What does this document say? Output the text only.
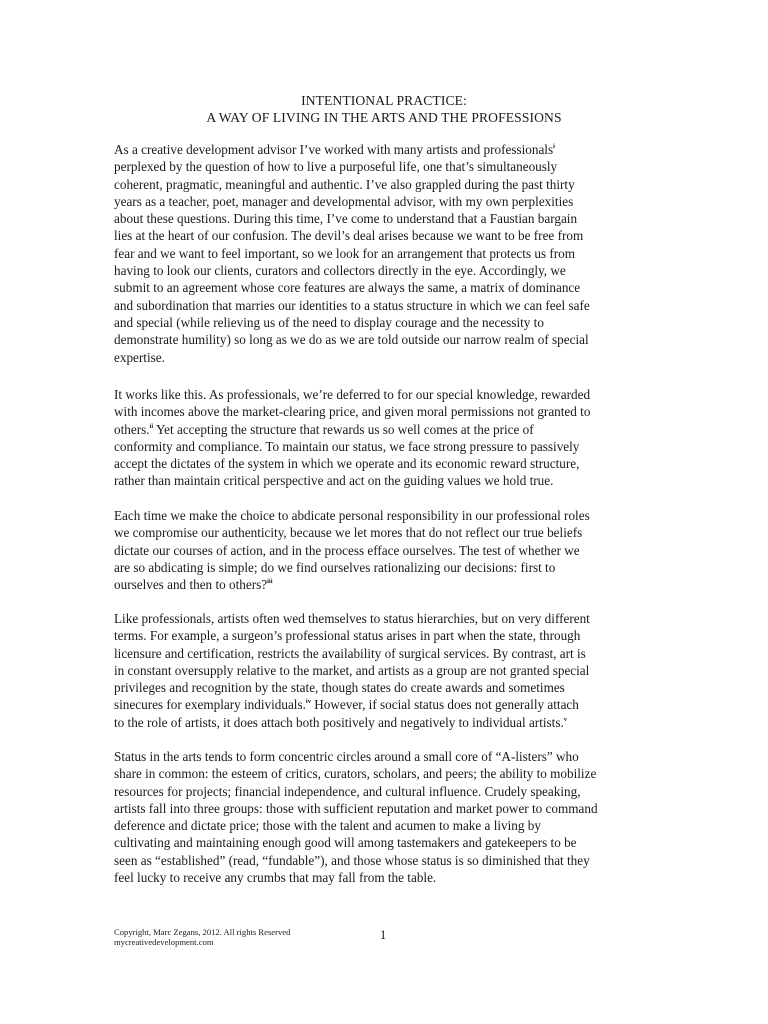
INTENTIONAL PRACTICE:
A WAY OF LIVING IN THE ARTS AND THE PROFESSIONS

As a creative development advisor I’ve worked with many artists and professionals$^i$
perplexed by the question of how to live a purposeful life, one that’s simultaneously
coherent, pragmatic, meaningful and authentic. I’ve also grappled during the past thirty
years as a teacher, poet, manager and developmental advisor, with my own perplexities
about these questions. During this time, I’ve come to understand that a Faustian bargain
lies at the heart of our confusion. The devil’s deal arises because we want to be free from
fear and we want to feel important, so we look for an arrangement that protects us from
having to look our clients, curators and collectors directly in the eye. Accordingly, we
submit to an agreement whose core features are always the same, a matrix of dominance
and subordination that marries our identities to a status structure in which we can feel safe
and special (while relieving us of the need to display courage and the necessity to
demonstrate humility) so long as we do as we are told outside our narrow realm of special
expertise.

It works like this. As professionals, we’re deferred to for our special knowledge, rewarded
with incomes above the market-clearing price, and given moral permissions not granted to
others.$^{ii}$ Yet accepting the structure that rewards us so well comes at the price of
conformity and compliance. To maintain our status, we face strong pressure to passively
accept the dictates of the system in which we operate and its economic reward structure,
rather than maintain critical perspective and act on the guiding values we hold true.

Each time we make the choice to abdicate personal responsibility in our professional roles
we compromise our authenticity, because we let mores that do not reflect our true beliefs
dictate our courses of action, and in the process efface ourselves. The test of whether we
are so abdicating is simple; do we find ourselves rationalizing our decisions: first to
ourselves and then to others?$^{iii}$

Like professionals, artists often wed themselves to status hierarchies, but on very different
terms. For example, a surgeon’s professional status arises in part when the state, through
licensure and certification, restricts the availability of surgical services. By contrast, art is
in constant oversupply relative to the market, and artists as a group are not granted special
privileges and recognition by the state, though states do create awards and sometimes
sinecures for exemplary individuals.$^{iv}$ However, if social status does not generally attach
to the role of artists, it does attach both positively and negatively to individual artists.$^v$

Status in the arts tends to form concentric circles around a small core of “A-listers” who
share in common: the esteem of critics, curators, scholars, and peers; the ability to mobilize
resources for projects; financial independence, and cultural influence. Crudely speaking,
artists fall into three groups: those with sufficient reputation and market power to command
deference and dictate price; those with the talent and acumen to make a living by
cultivating and maintaining enough good will among tastemakers and gatekeepers to be
seen as “established” (read, “fundable”), and those whose status is so diminished that they
feel lucky to receive any crumbs that may fall from the table.

Copyright, Marc Zegans, 2012. All rights Reserved
mycreativedevelopment.com	1
